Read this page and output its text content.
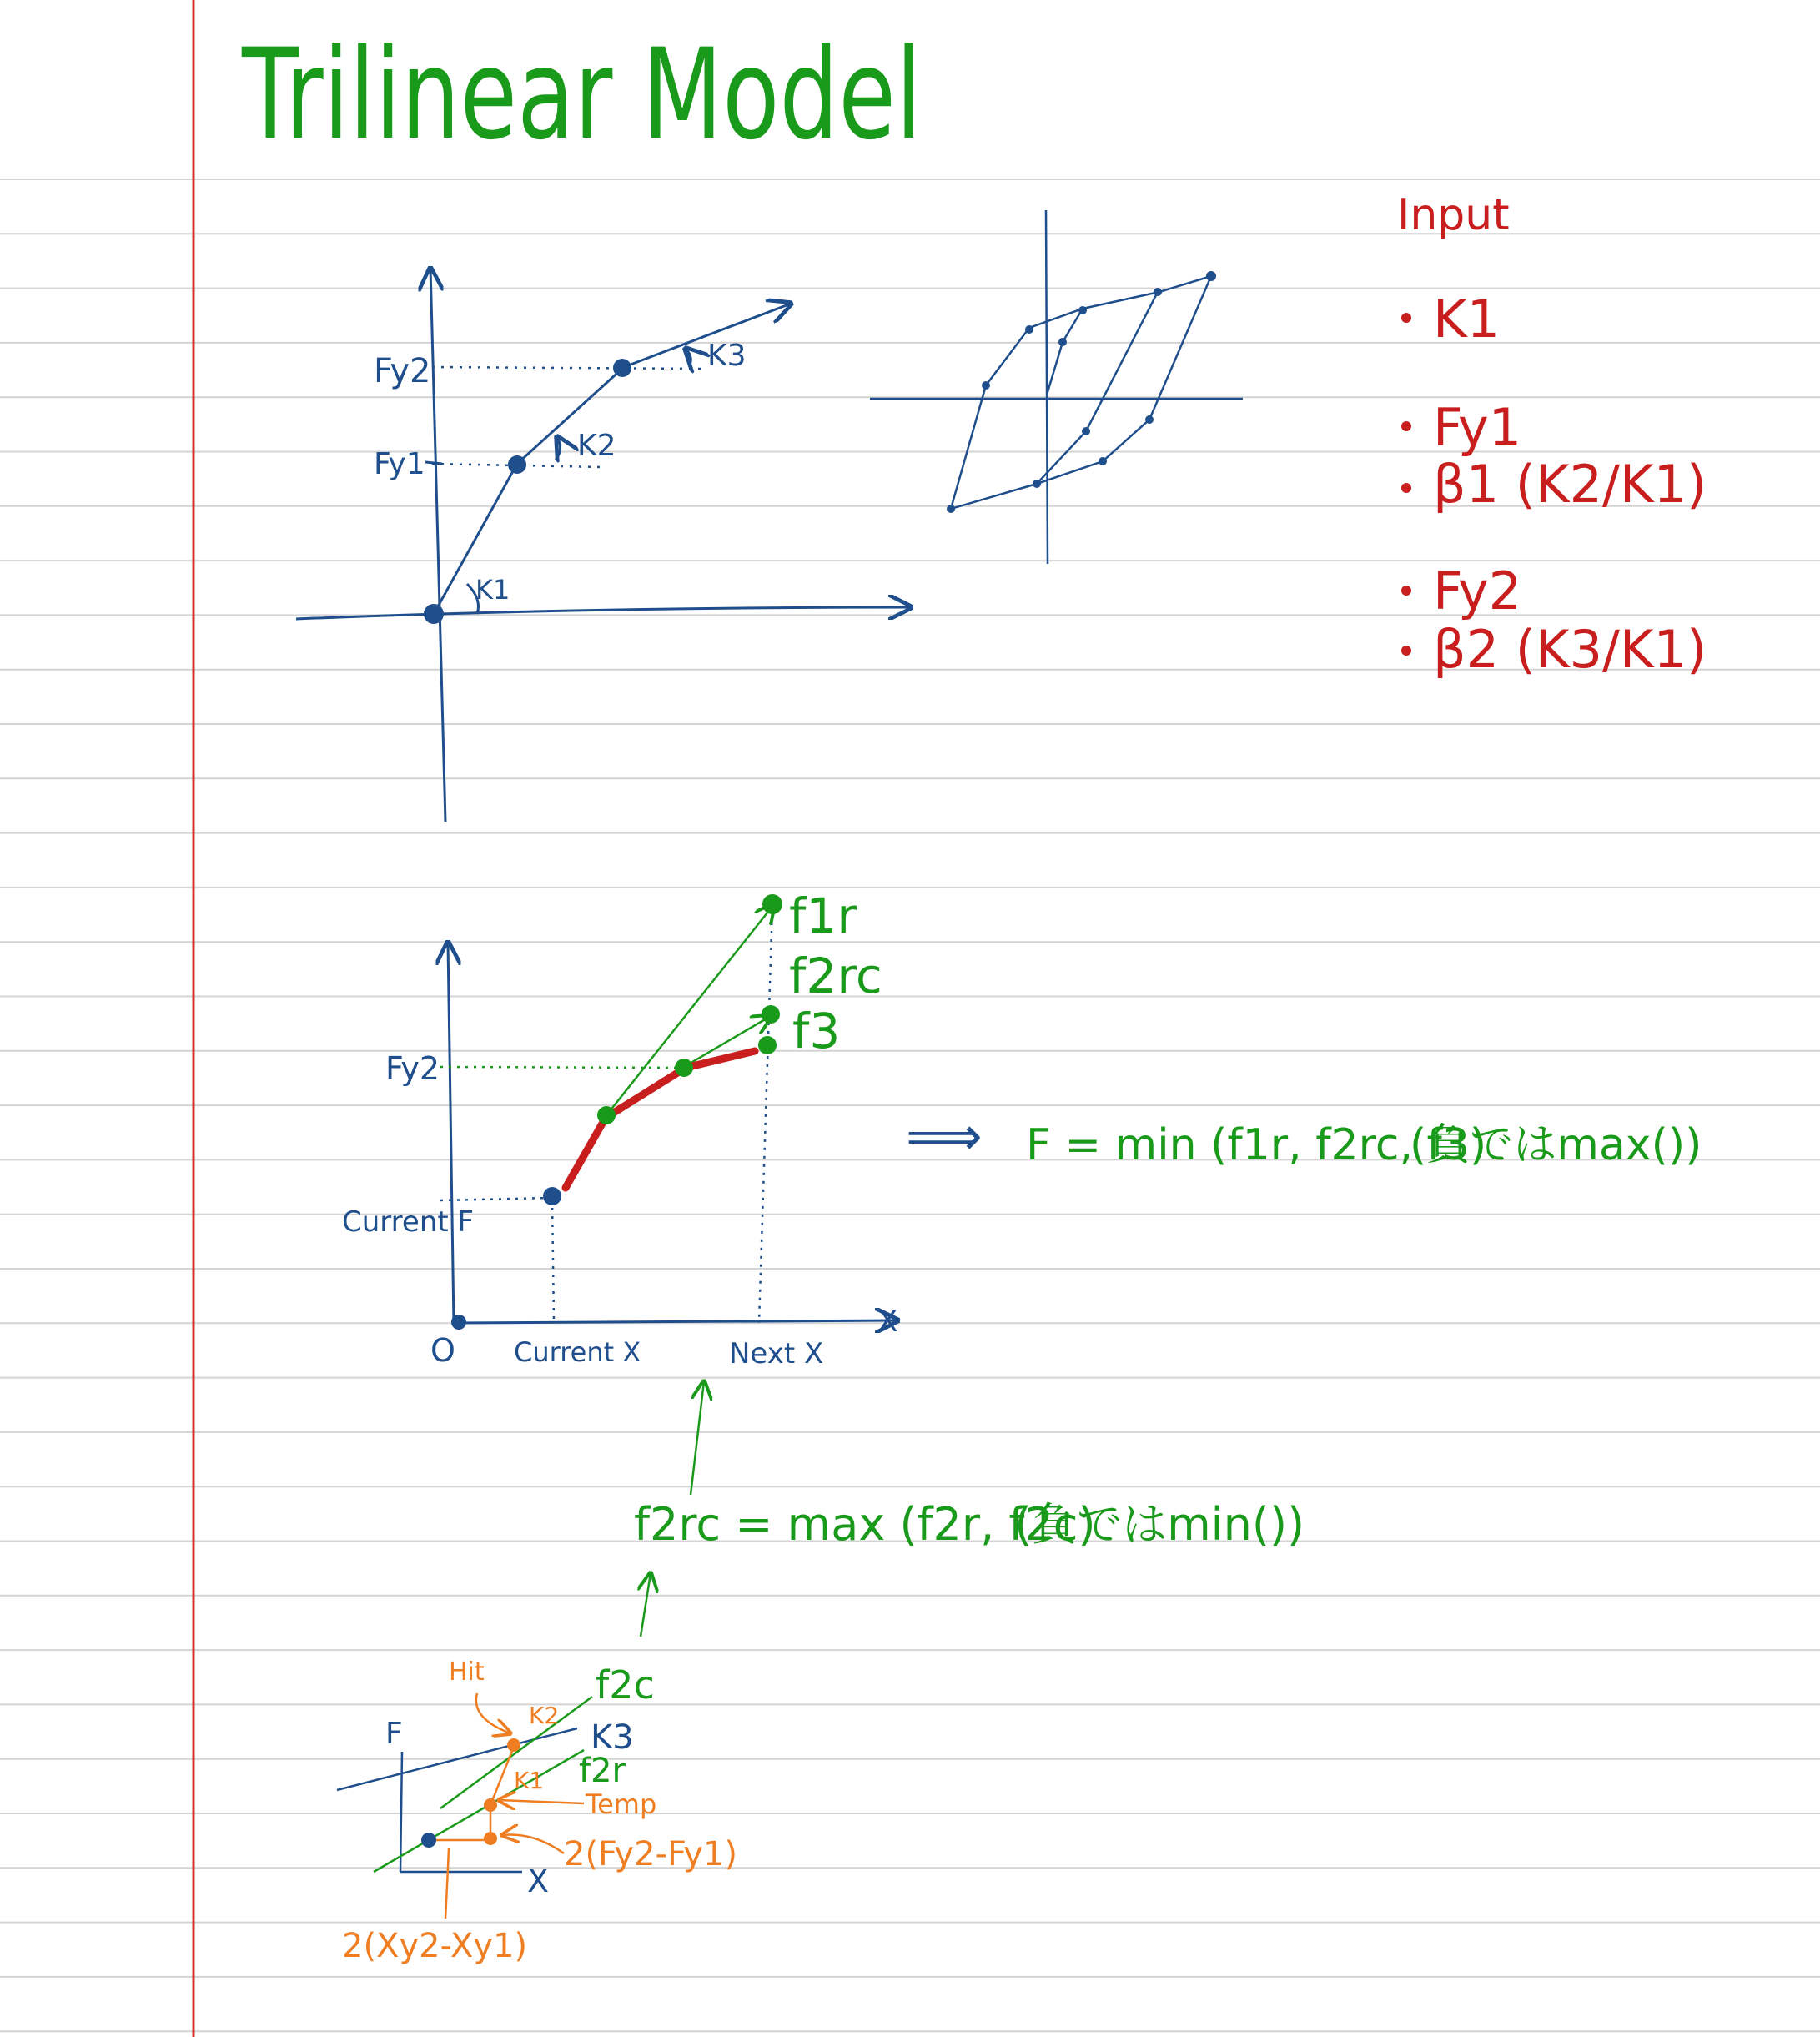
Trilinear Model
Fy2
Fy1
K1
K2
K3
Input
K1
Fy1
β1 (K2/K1)
Fy2
β2 (K3/K1)
Fy2
Current F
O Current X	Next X
X
f1r
f2rc
f3
⟹ F = min (f1r, f2rc, f3)
(負ではmax())
f2rc = max (f2r, f2c)
(負ではmin())
F
X
f2c
K3
f2r
K2
K1
Hit
Temp
2(Fy2-Fy1)
2(Xy2-Xy1)
